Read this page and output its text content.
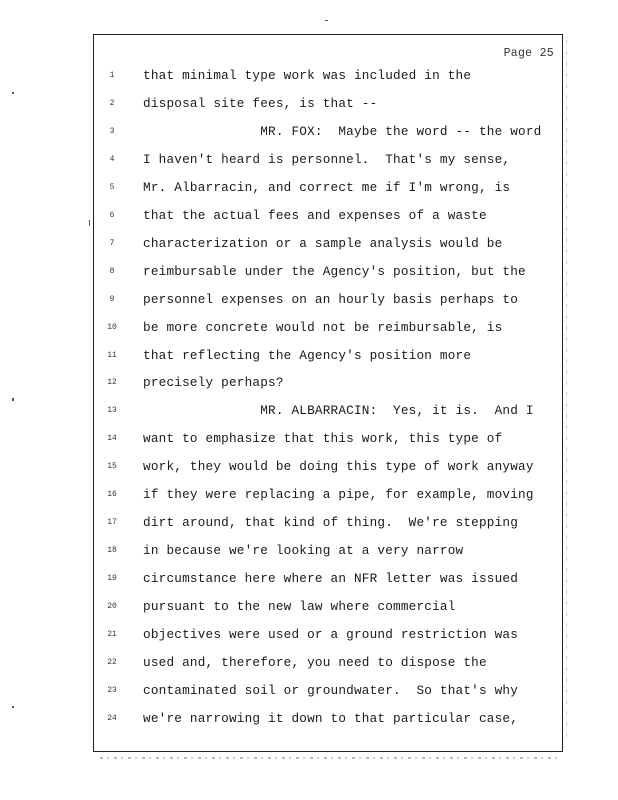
Page 25
that minimal type work was included in the
disposal site fees, is that --
MR. FOX:  Maybe the word -- the word
I haven't heard is personnel.  That's my sense,
Mr. Albarracin, and correct me if I'm wrong, is
that the actual fees and expenses of a waste
characterization or a sample analysis would be
reimbursable under the Agency's position, but the
personnel expenses on an hourly basis perhaps to
be more concrete would not be reimbursable, is
that reflecting the Agency's position more
precisely perhaps?
MR. ALBARRACIN:  Yes, it is.  And I
want to emphasize that this work, this type of
work, they would be doing this type of work anyway
if they were replacing a pipe, for example, moving
dirt around, that kind of thing.  We're stepping
in because we're looking at a very narrow
circumstance here where an NFR letter was issued
pursuant to the new law where commercial
objectives were used or a ground restriction was
used and, therefore, you need to dispose the
contaminated soil or groundwater.  So that's why
we're narrowing it down to that particular case,
1
2
3
4
5
6
7
8
9
10
11
12
13
14
15
16
17
18
19
20
21
22
23
24
